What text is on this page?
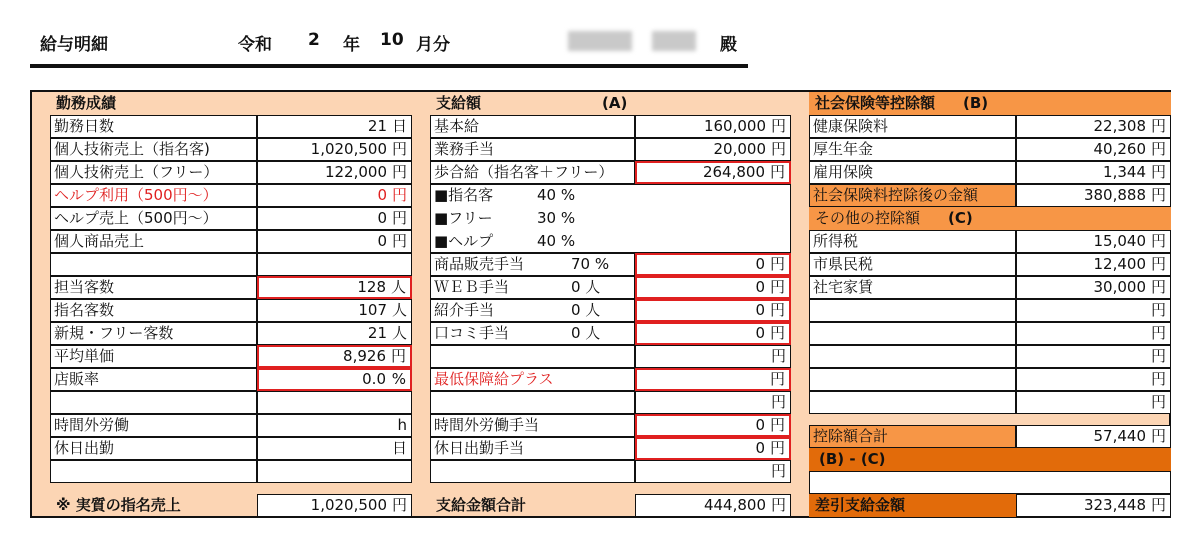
給与明細	令和 2 年 10 月分	殿
勤務成績
勤務日数	21 日
個人技術売上（指名客)	1,020,500 円
個人技術売上（フリー）	122,000 円
ヘルプ利用（500円～）	0 円
ヘルプ売上（500円～）	0 円
個人商品売上	0 円
担当客数	128 人
指名客数	107 人
新規・フリー客数	21 人
平均単価	8,926 円
店販率	0.0 %
時間外労働	h
休日出勤	日
※ 実質の指名売上	1,020,500 円
支給額	(A)
基本給	160,000 円
業務手当	20,000 円
歩合給（指名客＋フリー）	264,800 円
■指名客	40 %
■フリー	30 %
■ヘルプ	40 %
商品販売手当	70 %	0 円
ＷＥＢ手当	0 人	0 円
紹介手当	0 人	0 円
口コミ手当	0 人	0 円
円
最低保障給プラス	円
円
時間外労働手当	0 円
休日出勤手当	0 円
円
支給金額合計	444,800 円
社会保険等控除額 (B)
健康保険料	22,308 円
厚生年金	40,260 円
雇用保険	1,344 円
社会保険料控除後の金額	380,888 円
その他の控除額 (C)
所得税	15,040 円
市県民税	12,400 円
社宅家賃	30,000 円
円
円
円
円
円
控除額合計	57,440 円
(B) - (C)
差引支給金額	323,448 円
